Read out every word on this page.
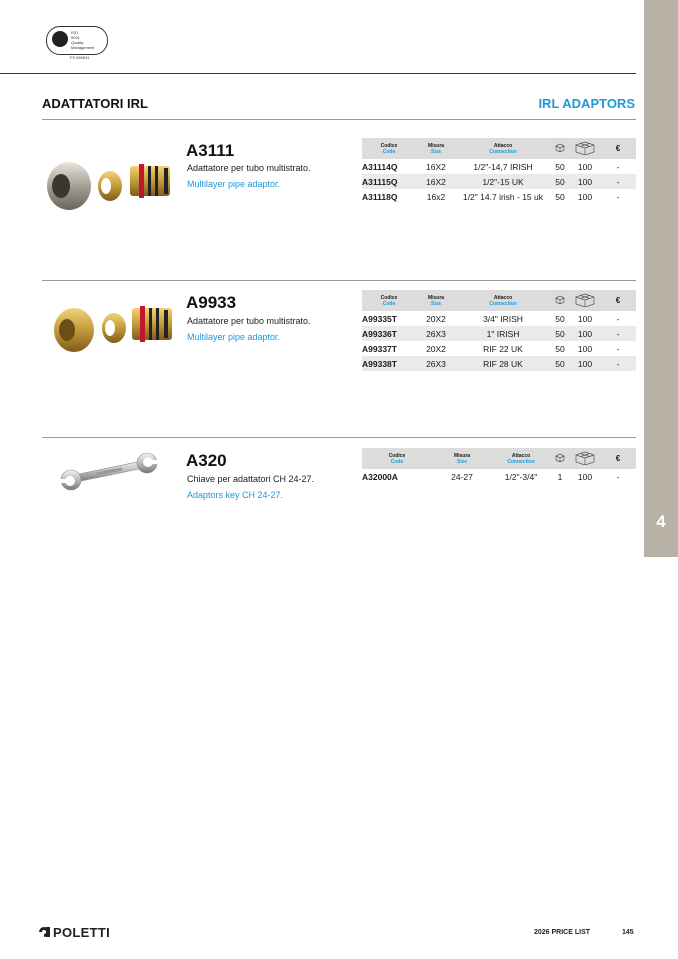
4
ISO
9001
Quality
Management
FS 559631
ADATTATORI IRL	IRL ADAPTORS
A3111
Adattatore per tubo multistrato.
Multilayer pipe adaptor.
Codice
Code	Misura
Size	Attacco
Connection			€
A31114Q	16X2	1/2"-14,7 IRISH	50	100	-
A31115Q	16X2	1/2"-15 UK	50	100	-
A31118Q	16x2	1/2" 14.7 irish - 15 uk	50	100	-
A9933
Adattatore per tubo multistrato.
Multilayer pipe adaptor.
Codice
Code	Misura
Size	Attacco
Connection			€
A99335T	20X2	3/4" IRISH	50	100	-
A99336T	26X3	1" IRISH	50	100	-
A99337T	20X2	RIF 22 UK	50	100	-
A99338T	26X3	RIF 28 UK	50	100	-
A320
Chiave per adattatori CH 24-27.
Adaptors key CH 24-27.
Codice
Code	Misura
Size	Attacco
Connection			€
A32000A	24-27	1/2"-3/4"	1	100	-
POLETTI	2026 PRICE LIST	145
